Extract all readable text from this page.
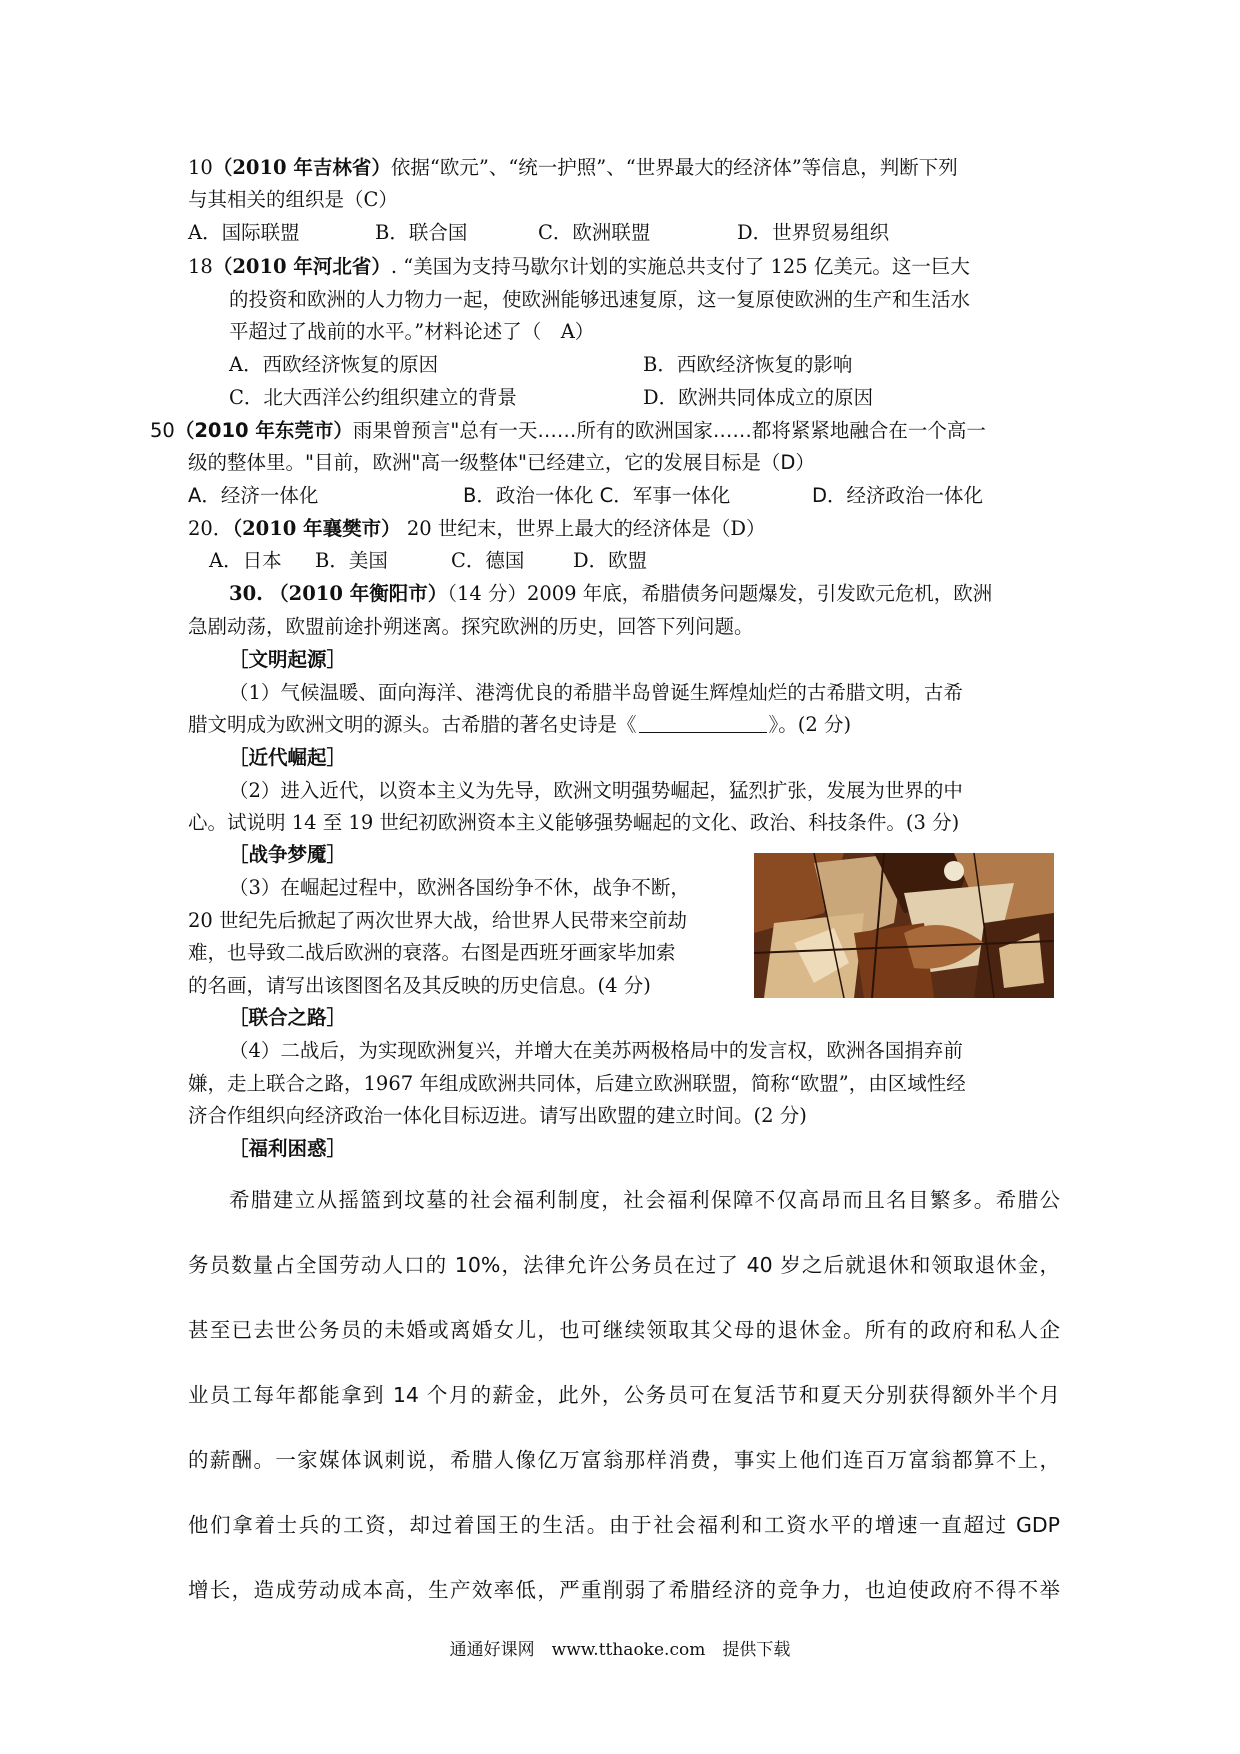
10（2010 年吉林省）依据“欧元”、“统一护照”、“世界最大的经济体”等信息，判断下列
与其相关的组织是（C）
A．国际联盟	B．联合国	C．欧洲联盟	D．世界贸易组织
18（2010 年河北省）. “美国为支持马歇尔计划的实施总共支付了 125 亿美元。这一巨大
的投资和欧洲的人力物力一起，使欧洲能够迅速复原，这一复原使欧洲的生产和生活水
平超过了战前的水平。”材料论述了（　A）
A．西欧经济恢复的原因	B．西欧经济恢复的影响
C．北大西洋公约组织建立的背景	D．欧洲共同体成立的原因
50（2010 年东莞市）雨果曾预言"总有一天……所有的欧洲国家……都将紧紧地融合在一个高一
级的整体里。"目前，欧洲"高一级整体"已经建立，它的发展目标是（D）
A．经济一体化	B．政治一体化 C．军事一体化	D．经济政治一体化
20．（2010 年襄樊市） 20 世纪末，世界上最大的经济体是（D）
A．日本 B．美国	C．德国 D．欧盟
30. （2010 年衡阳市）（14 分）2009 年底，希腊债务问题爆发，引发欧元危机，欧洲
急剧动荡，欧盟前途扑朔迷离。探究欧洲的历史，回答下列问题。
［文明起源］
（1）气候温暖、面向海洋、港湾优良的希腊半岛曾诞生辉煌灿烂的古希腊文明，古希
腊文明成为欧洲文明的源头。古希腊的著名史诗是《	》。(2 分)
［近代崛起］
（2）进入近代，以资本主义为先导，欧洲文明强势崛起，猛烈扩张，发展为世界的中
心。试说明 14 至 19 世纪初欧洲资本主义能够强势崛起的文化、政治、科技条件。(3 分)
［战争梦魇］
（3）在崛起过程中，欧洲各国纷争不休，战争不断，
20 世纪先后掀起了两次世界大战，给世界人民带来空前劫
难，也导致二战后欧洲的衰落。右图是西班牙画家毕加索
的名画，请写出该图图名及其反映的历史信息。(4 分)
［联合之路］
（4）二战后，为实现欧洲复兴，并增大在美苏两极格局中的发言权，欧洲各国捐弃前
嫌，走上联合之路，1967 年组成欧洲共同体，后建立欧洲联盟，简称“欧盟”，由区域性经
济合作组织向经济政治一体化目标迈进。请写出欧盟的建立时间。(2 分)
［福利困惑］
希腊建立从摇篮到坟墓的社会福利制度，社会福利保障不仅高昂而且名目繁多。希腊公
务员数量占全国劳动人口的 10%，法律允许公务员在过了 40 岁之后就退休和领取退休金，
甚至已去世公务员的未婚或离婚女儿，也可继续领取其父母的退休金。所有的政府和私人企
业员工每年都能拿到 14 个月的薪金，此外，公务员可在复活节和夏天分别获得额外半个月
的薪酬。一家媒体讽刺说，希腊人像亿万富翁那样消费，事实上他们连百万富翁都算不上，
他们拿着士兵的工资，却过着国王的生活。由于社会福利和工资水平的增速一直超过 GDP
增长，造成劳动成本高，生产效率低，严重削弱了希腊经济的竞争力，也迫使政府不得不举
通通好课网　www.tthaoke.com　提供下载
